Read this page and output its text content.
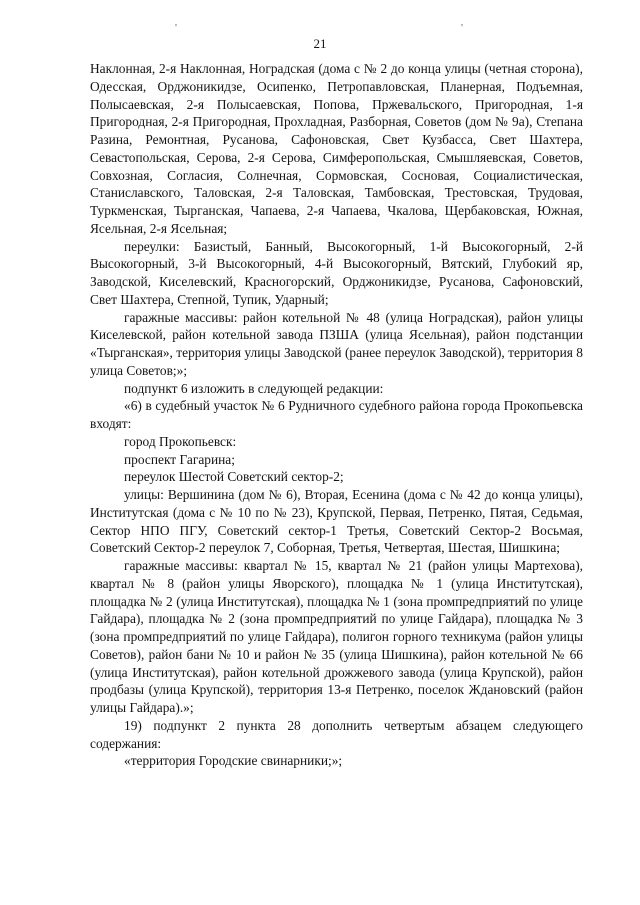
'	'
21

Наклонная, 2-я Наклонная, Ноградская (дома с № 2 до конца улицы (четная сторона), Одесская, Орджоникидзе, Осипенко, Петропавловская, Планерная, Подъемная, Полысаевская, 2-я Полысаевская, Попова, Пржевальского, Пригородная, 1-я Пригородная, 2-я Пригородная, Прохладная, Разборная, Советов (дом № 9а), Степана Разина, Ремонтная, Русанова, Сафоновская, Свет Кузбасса, Свет Шахтера, Севастопольская, Серова, 2-я Серова, Симферопольская, Смышляевская, Советов, Совхозная, Согласия, Солнечная, Сормовская, Сосновая, Социалистическая, Станиславского, Таловская, 2-я Таловская, Тамбовская, Трестовская, Трудовая, Туркменская, Тырганская, Чапаева, 2-я Чапаева, Чкалова, Щербаковская, Южная, Ясельная, 2-я Ясельная;

переулки: Базистый, Банный, Высокогорный, 1-й Высокогорный, 2-й Высокогорный, 3-й Высокогорный, 4-й Высокогорный, Вятский, Глубокий яр, Заводской, Киселевский, Красногорский, Орджоникидзе, Русанова, Сафоновский, Свет Шахтера, Степной, Тупик, Ударный;

гаражные массивы: район котельной № 48 (улица Ноградская), район улицы Киселевской, район котельной завода ПЗША (улица Ясельная), район подстанции «Тырганская», территория улицы Заводской (ранее переулок Заводской), территория 8 улица Советов;»;

подпункт 6 изложить в следующей редакции:

«6) в судебный участок № 6 Рудничного судебного района города Прокопьевска входят:

город Прокопьевск:

проспект Гагарина;

переулок Шестой Советский сектор-2;

улицы: Вершинина (дом № 6), Вторая, Есенина (дома с № 42 до конца улицы), Институтская (дома с № 10 по № 23), Крупской, Первая, Петренко, Пятая, Седьмая, Сектор НПО ПГУ, Советский сектор-1 Третья, Советский Сектор-2 Восьмая, Советский Сектор-2 переулок 7, Соборная, Третья, Четвертая, Шестая, Шишкина;

гаражные массивы: квартал № 15, квартал № 21 (район улицы Мартехова), квартал № 8 (район улицы Яворского), площадка № 1 (улица Институтская), площадка № 2 (улица Институтская), площадка № 1 (зона промпредприятий по улице Гайдара), площадка № 2 (зона промпредприятий по улице Гайдара), площадка № 3 (зона промпредприятий по улице Гайдара), полигон горного техникума (район улицы Советов), район бани № 10 и район № 35 (улица Шишкина), район котельной № 66 (улица Институтская), район котельной дрожжевого завода (улица Крупской), район продбазы (улица Крупской), территория 13-я Петренко, поселок Ждановский (район улицы Гайдара).»;

19) подпункт 2 пункта 28 дополнить четвертым абзацем следующего содержания:

«территория Городские свинарники;»;
